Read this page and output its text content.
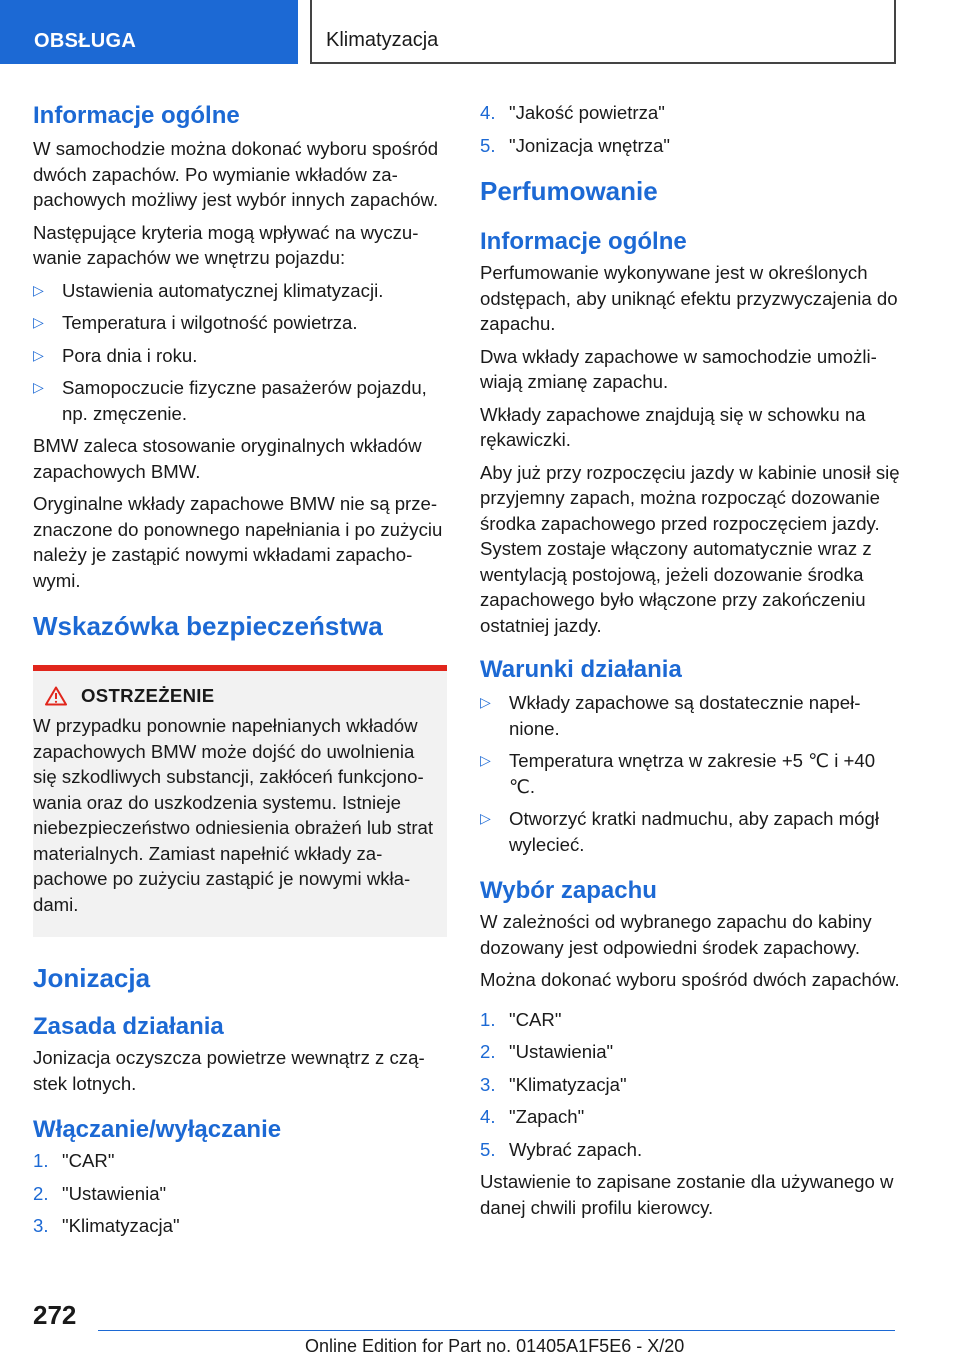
OBSŁUGA	Klimatyzacja
Informacje ogólne

W samochodzie można dokonać wyboru spośród dwóch zapachów. Po wymianie wkładów zapachowych możliwy jest wybór innych zapachów.

Następujące kryteria mogą wpływać na wyczuwanie zapachów we wnętrzu pojazdu:

▷ Ustawienia automatycznej klimatyzacji.
▷ Temperatura i wilgotność powietrza.
▷ Pora dnia i roku.
▷ Samopoczucie fizyczne pasażerów pojazdu, np. zmęczenie.

BMW zaleca stosowanie oryginalnych wkładów zapachowych BMW.

Oryginalne wkłady zapachowe BMW nie są przeznaczone do ponownego napełniania i po zużyciu należy je zastąpić nowymi wkładami zapachowymi.

Wskazówka bezpieczeństwa
OSTRZEŻENIE

W przypadku ponownie napełnianych wkładów zapachowych BMW może dojść do uwolnienia się szkodliwych substancji, zakłóceń funkcjonowania oraz do uszkodzenia systemu. Istnieje niebezpieczeństwo odniesienia obrażeń lub strat materialnych. Zamiast napełnić wkłady zapachowe po zużyciu zastąpić je nowymi wkładami.

Jonizacja
Zasada działania

Jonizacja oczyszcza powietrze wewnątrz z cząstek lotnych.

Włączanie/wyłączanie
1. "CAR"
2. "Ustawienia"
3. "Klimatyzacja"
4. "Jakość powietrza"
5. "Jonizacja wnętrza"
Perfumowanie
Informacje ogólne

Perfumowanie wykonywane jest w określonych odstępach, aby uniknąć efektu przyzwyczajenia do zapachu.

Dwa wkłady zapachowe w samochodzie umożliwiają zmianę zapachu.

Wkłady zapachowe znajdują się w schowku na rękawiczki.

Aby już przy rozpoczęciu jazdy w kabinie unosił się przyjemny zapach, można rozpocząć dozowanie środka zapachowego przed rozpoczęciem jazdy. System zostaje włączony automatycznie wraz z wentylacją postojową, jeżeli dozowanie środka zapachowego było włączone przy zakończeniu ostatniej jazdy.

Warunki działania
▷ Wkłady zapachowe są dostatecznie napełnione.
▷ Temperatura wnętrza w zakresie +5 ℃ i +40 ℃.
▷ Otworzyć kratki nadmuchu, aby zapach mógł wylecieć.
Wybór zapachu

W zależności od wybranego zapachu do kabiny dozowany jest odpowiedni środek zapachowy.

Można dokonać wyboru spośród dwóch zapachów.

1. "CAR"
2. "Ustawienia"
3. "Klimatyzacja"
4. "Zapach"
5. Wybrać zapach.

Ustawienie to zapisane zostanie dla używanego w danej chwili profilu kierowcy.

272
Online Edition for Part no. 01405A1F5E6 - X/20
